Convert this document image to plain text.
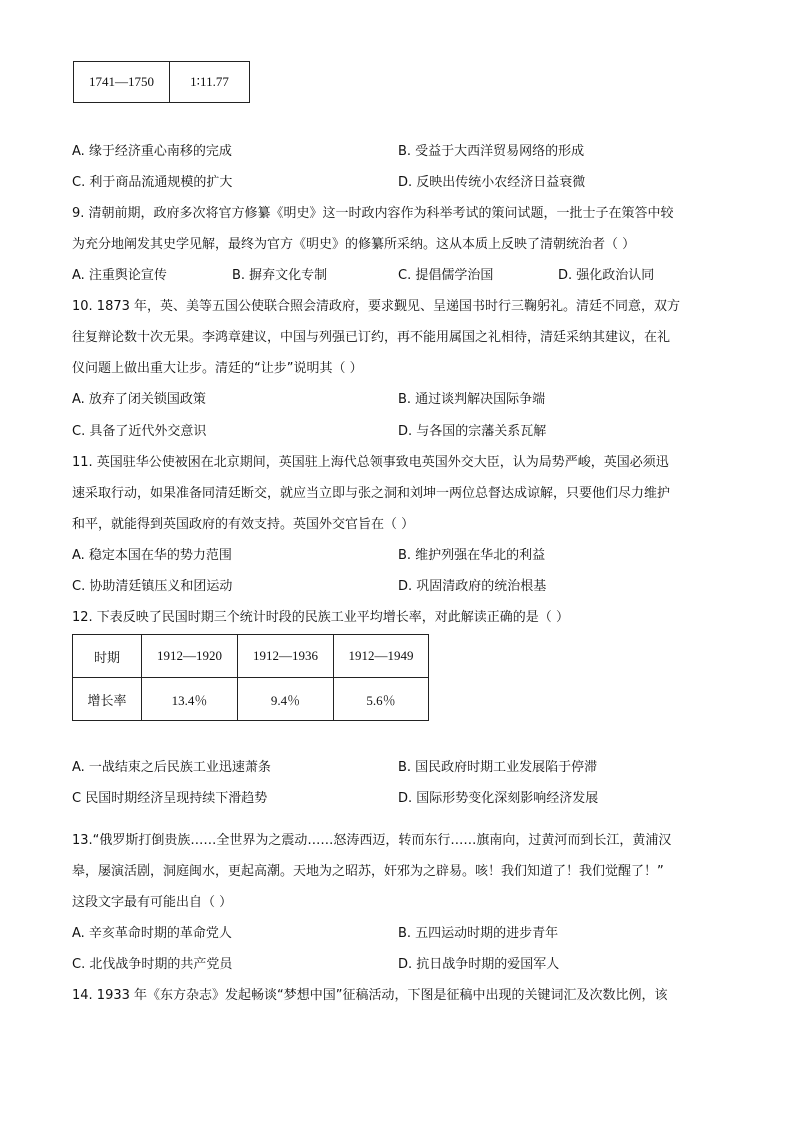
1741—1750	1∶11.77
A. 缘于经济重心南移的完成	B. 受益于大西洋贸易网络的形成
C. 利于商品流通规模的扩大	D. 反映出传统小农经济日益衰微
9. 清朝前期，政府多次将官方修纂《明史》这一时政内容作为科举考试的策问试题，一批士子在策答中较
为充分地阐发其史学见解，最终为官方《明史》的修纂所采纳。这从本质上反映了清朝统治者（ ）
A. 注重舆论宣传	B. 摒弃文化专制	C. 提倡儒学治国	D. 强化政治认同
10. 1873 年，英、美等五国公使联合照会清政府，要求觐见、呈递国书时行三鞠躬礼。清廷不同意，双方
往复辩论数十次无果。李鸿章建议，中国与列强已订约，再不能用属国之礼相待，清廷采纳其建议，在礼
仪问题上做出重大让步。清廷的“让步”说明其（ ）
A. 放弃了闭关锁国政策	B. 通过谈判解决国际争端
C. 具备了近代外交意识	D. 与各国的宗藩关系瓦解
11. 英国驻华公使被困在北京期间，英国驻上海代总领事致电英国外交大臣，认为局势严峻，英国必须迅
速采取行动，如果准备同清廷断交，就应当立即与张之洞和刘坤一两位总督达成谅解，只要他们尽力维护
和平，就能得到英国政府的有效支持。英国外交官旨在（ ）
A. 稳定本国在华的势力范围	B. 维护列强在华北的利益
C. 协助清廷镇压义和团运动	D. 巩固清政府的统治根基
12. 下表反映了民国时期三个统计时段的民族工业平均增长率，对此解读正确的是（ ）
时期	1912—1920	1912—1936	1912—1949
增长率	13.4％	9.4％	5.6％
A. 一战结束之后民族工业迅速萧条	B. 国民政府时期工业发展陷于停滞
C 民国时期经济呈现持续下滑趋势	D. 国际形势变化深刻影响经济发展
13.“俄罗斯打倒贵族……全世界为之震动……怒涛西迈，转而东行……旗南向，过黄河而到长江，黄浦汉
皋，屡演活剧，洞庭闽水，更起高潮。天地为之昭苏，奸邪为之辟易。咳！我们知道了！我们觉醒了！”
这段文字最有可能出自（ ）
A. 辛亥革命时期的革命党人	B. 五四运动时期的进步青年
C. 北伐战争时期的共产党员	D. 抗日战争时期的爱国军人
14. 1933 年《东方杂志》发起畅谈“梦想中国”征稿活动，下图是征稿中出现的关键词汇及次数比例，该
